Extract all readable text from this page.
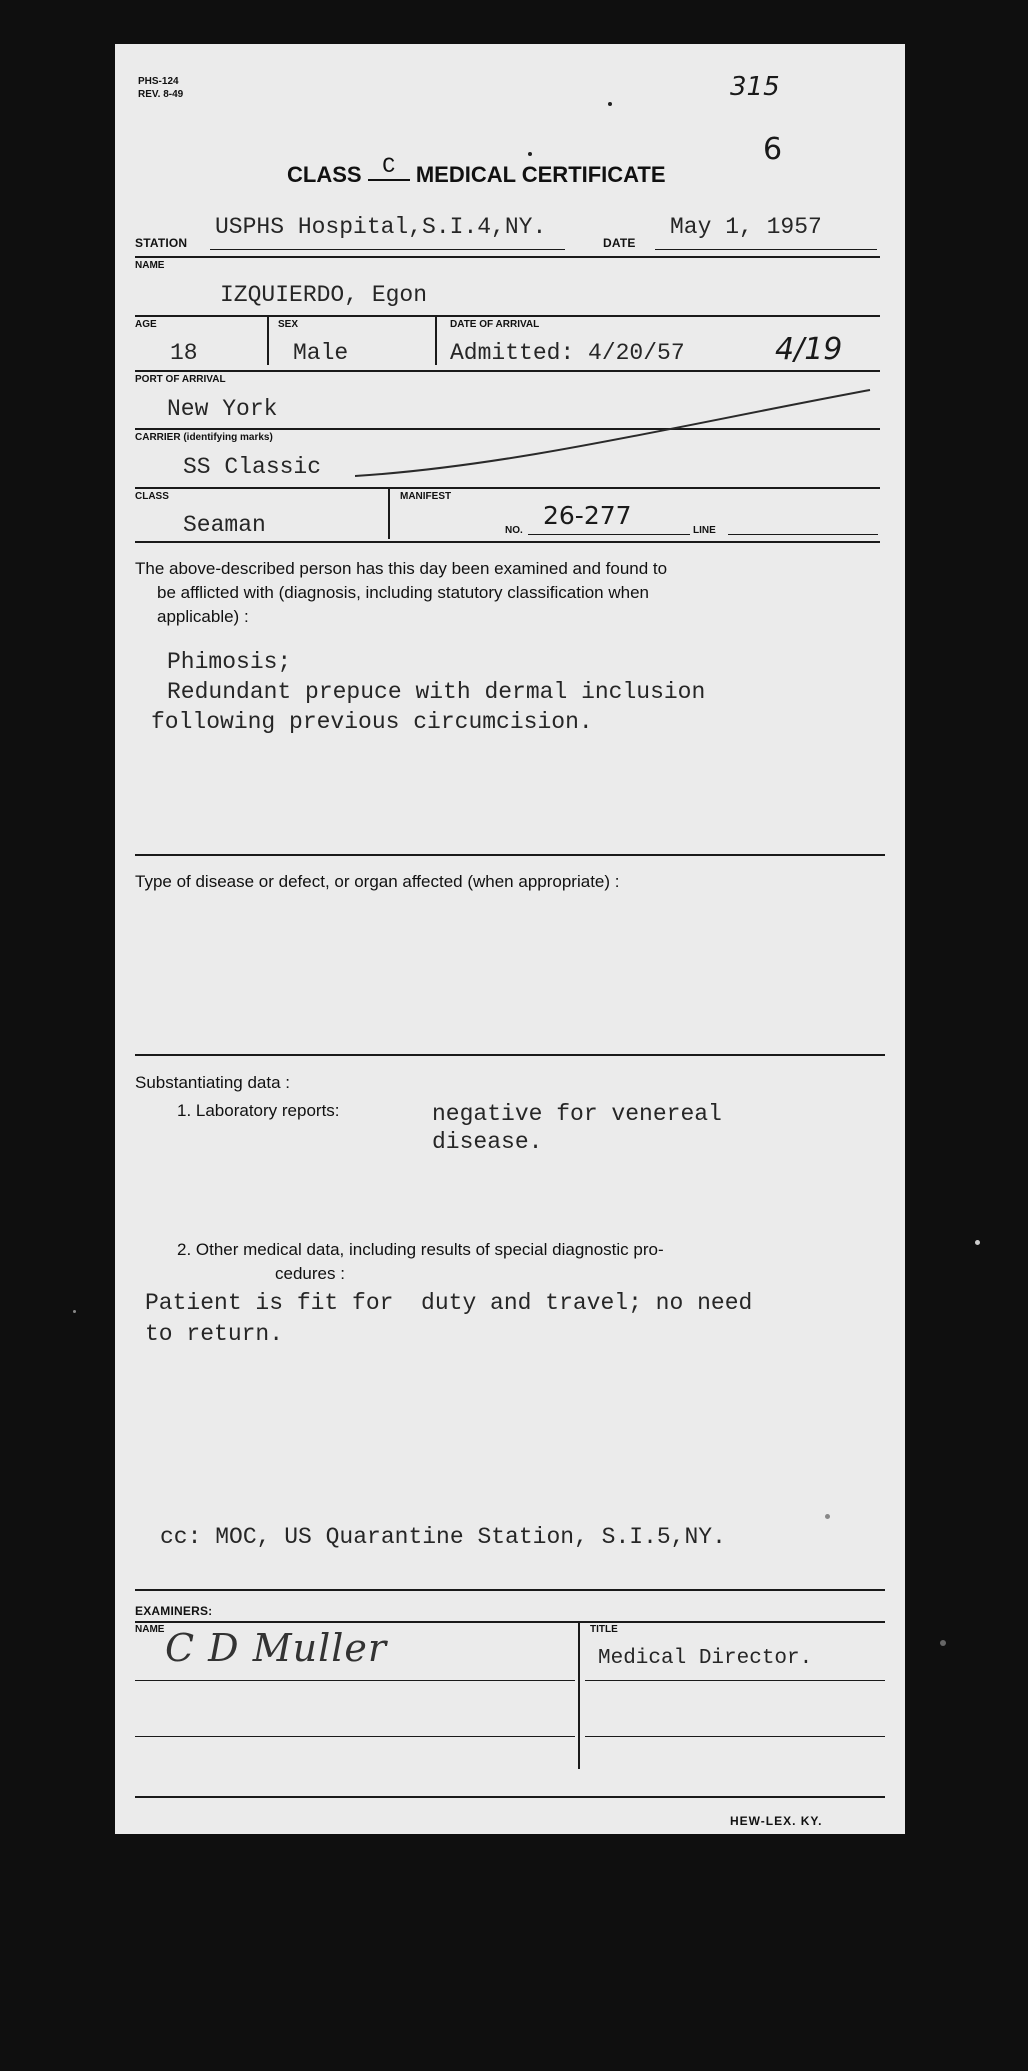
PHS-124
REV. 8-49	315
6
CLASS C MEDICAL CERTIFICATE
STATION
USPHS Hospital,S.I.4,NY.
DATE
May 1, 1957
NAME
IZQUIERDO, Egon
AGE
18
SEX
Male
DATE OF ARRIVAL
Admitted: 4/20/57	4/19
PORT OF ARRIVAL
New York
CARRIER (identifying marks)
SS Classic
CLASS
Seaman
MANIFEST
NO.
26-277
LINE
The above-described person has this day been examined and found to
be afflicted with (diagnosis, including statutory classification when
applicable) :
Phimosis;
Redundant prepuce with dermal inclusion
following previous circumcision.
Type of disease or defect, or organ affected (when appropriate) :
Substantiating data :
1. Laboratory reports:	negative for venereal
disease.
2. Other medical data, including results of special diagnostic pro-
cedures :
Patient is fit for  duty and travel; no need
to return.
cc: MOC, US Quarantine Station, S.I.5,NY.
EXAMINERS:
NAME	TITLE
C D Muller	Medical Director.
HEW-LEX. KY.
